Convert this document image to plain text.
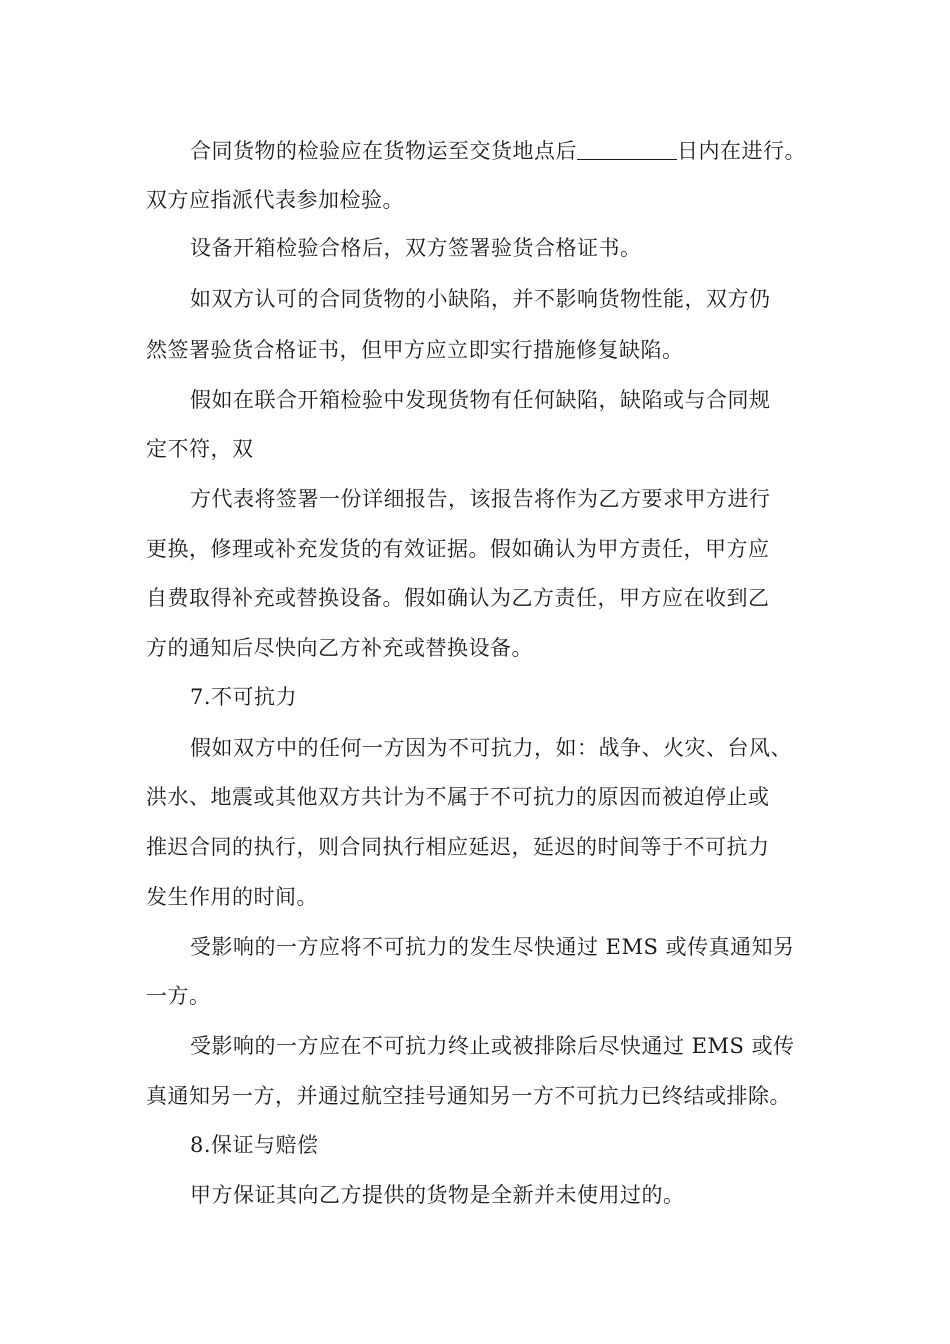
合同货物的检验应在货物运至交货地点后	日内在进行。
双方应指派代表参加检验。
设备开箱检验合格后，双方签署验货合格证书。
如双方认可的合同货物的小缺陷，并不影响货物性能，双方仍
然签署验货合格证书，但甲方应立即实行措施修复缺陷。
假如在联合开箱检验中发现货物有任何缺陷，缺陷或与合同规
定不符，双
方代表将签署一份详细报告，该报告将作为乙方要求甲方进行
更换，修理或补充发货的有效证据。假如确认为甲方责任，甲方应
自费取得补充或替换设备。假如确认为乙方责任，甲方应在收到乙
方的通知后尽快向乙方补充或替换设备。
7.不可抗力
假如双方中的任何一方因为不可抗力，如：战争、火灾、台风、
洪水、地震或其他双方共计为不属于不可抗力的原因而被迫停止或
推迟合同的执行，则合同执行相应延迟，延迟的时间等于不可抗力
发生作用的时间。
受影响的一方应将不可抗力的发生尽快通过 EMS 或传真通知另
一方。
受影响的一方应在不可抗力终止或被排除后尽快通过 EMS 或传
真通知另一方，并通过航空挂号通知另一方不可抗力已终结或排除。
8.保证与赔偿
甲方保证其向乙方提供的货物是全新并未使用过的。
